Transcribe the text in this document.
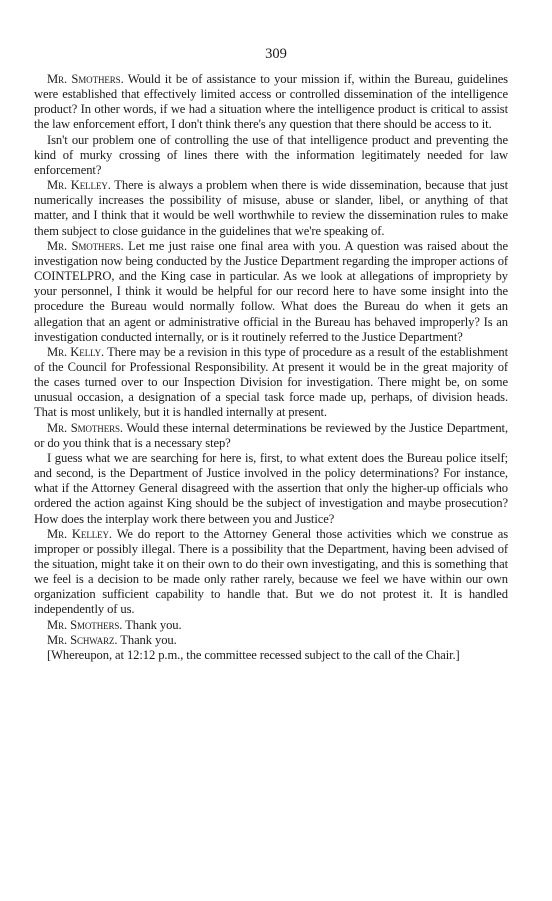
309

Mr. Smothers. Would it be of assistance to your mission if, within the Bureau, guidelines were established that effectively limited access or controlled dissemination of the intelligence product? In other words, if we had a situation where the intelligence product is critical to assist the law enforcement effort, I don't think there's any question that there should be access to it.

Isn't our problem one of controlling the use of that intelligence product and preventing the kind of murky crossing of lines there with the information legitimately needed for law enforcement?

Mr. Kelley. There is always a problem when there is wide dissemination, because that just numerically increases the possibility of misuse, abuse or slander, libel, or anything of that matter, and I think that it would be well worthwhile to review the dissemination rules to make them subject to close guidance in the guidelines that we're speaking of.

Mr. Smothers. Let me just raise one final area with you. A question was raised about the investigation now being conducted by the Justice Department regarding the improper actions of COINTELPRO, and the King case in particular. As we look at allegations of impropriety by your personnel, I think it would be helpful for our record here to have some insight into the procedure the Bureau would normally follow. What does the Bureau do when it gets an allegation that an agent or administrative official in the Bureau has behaved improperly? Is an investigation conducted internally, or is it routinely referred to the Justice Department?

Mr. Kelly. There may be a revision in this type of procedure as a result of the establishment of the Council for Professional Responsibility. At present it would be in the great majority of the cases turned over to our Inspection Division for investigation. There might be, on some unusual occasion, a designation of a special task force made up, perhaps, of division heads. That is most unlikely, but it is handled internally at present.

Mr. Smothers. Would these internal determinations be reviewed by the Justice Department, or do you think that is a necessary step?

I guess what we are searching for here is, first, to what extent does the Bureau police itself; and second, is the Department of Justice involved in the policy determinations? For instance, what if the Attorney General disagreed with the assertion that only the higher-up officials who ordered the action against King should be the subject of investigation and maybe prosecution? How does the interplay work there between you and Justice?

Mr. Kelley. We do report to the Attorney General those activities which we construe as improper or possibly illegal. There is a possibility that the Department, having been advised of the situation, might take it on their own to do their own investigating, and this is something that we feel is a decision to be made only rather rarely, because we feel we have within our own organization sufficient capability to handle that. But we do not protest it. It is handled independently of us.

Mr. Smothers. Thank you.

Mr. Schwarz. Thank you.

[Whereupon, at 12:12 p.m., the committee recessed subject to the call of the Chair.]
